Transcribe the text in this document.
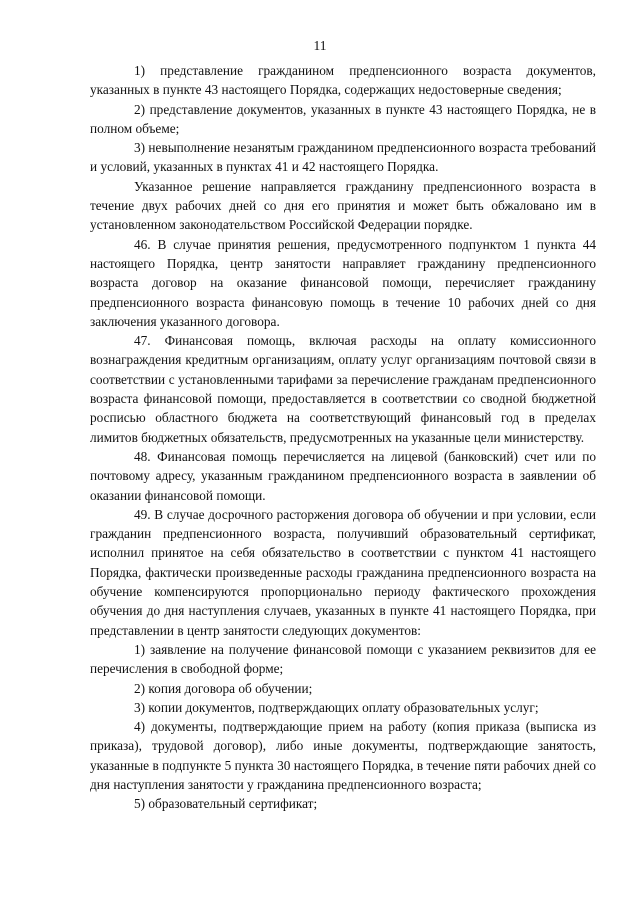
11

1) представление гражданином предпенсионного возраста документов, указанных в пункте 43 настоящего Порядка, содержащих недостоверные сведения;

2) представление документов, указанных в пункте 43 настоящего Порядка, не в полном объеме;

3) невыполнение незанятым гражданином предпенсионного возраста требований и условий, указанных в пунктах 41 и 42 настоящего Порядка.

Указанное решение направляется гражданину предпенсионного возраста в течение двух рабочих дней со дня его принятия и может быть обжаловано им в установленном законодательством Российской Федерации порядке.

46. В случае принятия решения, предусмотренного подпунктом 1 пункта 44 настоящего Порядка, центр занятости направляет гражданину предпенсионного возраста договор на оказание финансовой помощи, перечисляет гражданину предпенсионного возраста финансовую помощь в течение 10 рабочих дней со дня заключения указанного договора.

47. Финансовая помощь, включая расходы на оплату комиссионного вознаграждения кредитным организациям, оплату услуг организациям почтовой связи в соответствии с установленными тарифами за перечисление гражданам предпенсионного возраста финансовой помощи, предоставляется в соответствии со сводной бюджетной росписью областного бюджета на соответствующий финансовый год в пределах лимитов бюджетных обязательств, предусмотренных на указанные цели министерству.

48. Финансовая помощь перечисляется на лицевой (банковский) счет или по почтовому адресу, указанным гражданином предпенсионного возраста в заявлении об оказании финансовой помощи.

49. В случае досрочного расторжения договора об обучении и при условии, если гражданин предпенсионного возраста, получивший образовательный сертификат, исполнил принятое на себя обязательство в соответствии с пунктом 41 настоящего Порядка, фактически произведенные расходы гражданина предпенсионного возраста на обучение компенсируются пропорционально периоду фактического прохождения обучения до дня наступления случаев, указанных в пункте 41 настоящего Порядка, при представлении в центр занятости следующих документов:

1) заявление на получение финансовой помощи с указанием реквизитов для ее перечисления в свободной форме;

2) копия договора об обучении;

3) копии документов, подтверждающих оплату образовательных услуг;

4) документы, подтверждающие прием на работу (копия приказа (выписка из приказа), трудовой договор), либо иные документы, подтверждающие занятость, указанные в подпункте 5 пункта 30 настоящего Порядка, в течение пяти рабочих дней со дня наступления занятости у гражданина предпенсионного возраста;

5) образовательный сертификат;
